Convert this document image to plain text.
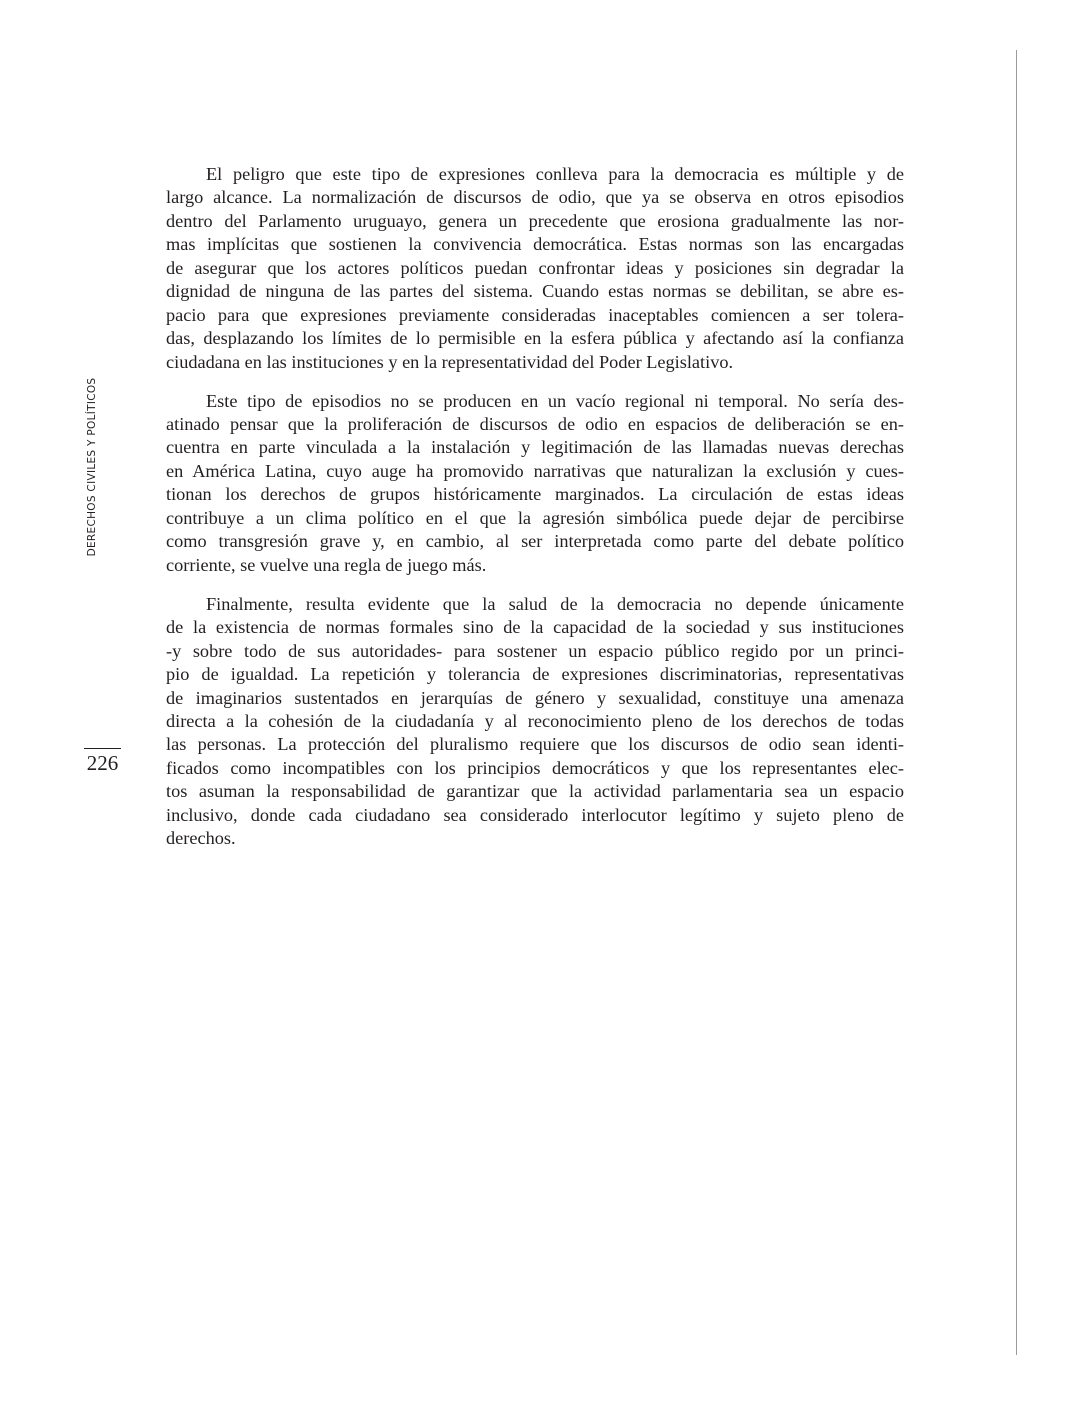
DERECHOS CIVILES Y POLÍTICOS
226
El peligro que este tipo de expresiones conlleva para la democracia es múltiple y de
largo alcance. La normalización de discursos de odio, que ya se observa en otros episodios
dentro del Parlamento uruguayo, genera un precedente que erosiona gradualmente las nor-
mas implícitas que sostienen la convivencia democrática. Estas normas son las encargadas
de asegurar que los actores políticos puedan confrontar ideas y posiciones sin degradar la
dignidad de ninguna de las partes del sistema. Cuando estas normas se debilitan, se abre es-
pacio para que expresiones previamente consideradas inaceptables comiencen a ser tolera-
das, desplazando los límites de lo permisible en la esfera pública y afectando así la confianza
ciudadana en las instituciones y en la representatividad del Poder Legislativo.
Este tipo de episodios no se producen en un vacío regional ni temporal. No sería des-
atinado pensar que la proliferación de discursos de odio en espacios de deliberación se en-
cuentra en parte vinculada a la instalación y legitimación de las llamadas nuevas derechas
en América Latina, cuyo auge ha promovido narrativas que naturalizan la exclusión y cues-
tionan los derechos de grupos históricamente marginados. La circulación de estas ideas
contribuye a un clima político en el que la agresión simbólica puede dejar de percibirse
como transgresión grave y, en cambio, al ser interpretada como parte del debate político
corriente, se vuelve una regla de juego más.
Finalmente, resulta evidente que la salud de la democracia no depende únicamente
de la existencia de normas formales sino de la capacidad de la sociedad y sus instituciones
-y sobre todo de sus autoridades- para sostener un espacio público regido por un princi-
pio de igualdad. La repetición y tolerancia de expresiones discriminatorias, representativas
de imaginarios sustentados en jerarquías de género y sexualidad, constituye una amenaza
directa a la cohesión de la ciudadanía y al reconocimiento pleno de los derechos de todas
las personas. La protección del pluralismo requiere que los discursos de odio sean identi-
ficados como incompatibles con los principios democráticos y que los representantes elec-
tos asuman la responsabilidad de garantizar que la actividad parlamentaria sea un espacio
inclusivo, donde cada ciudadano sea considerado interlocutor legítimo y sujeto pleno de
derechos.
